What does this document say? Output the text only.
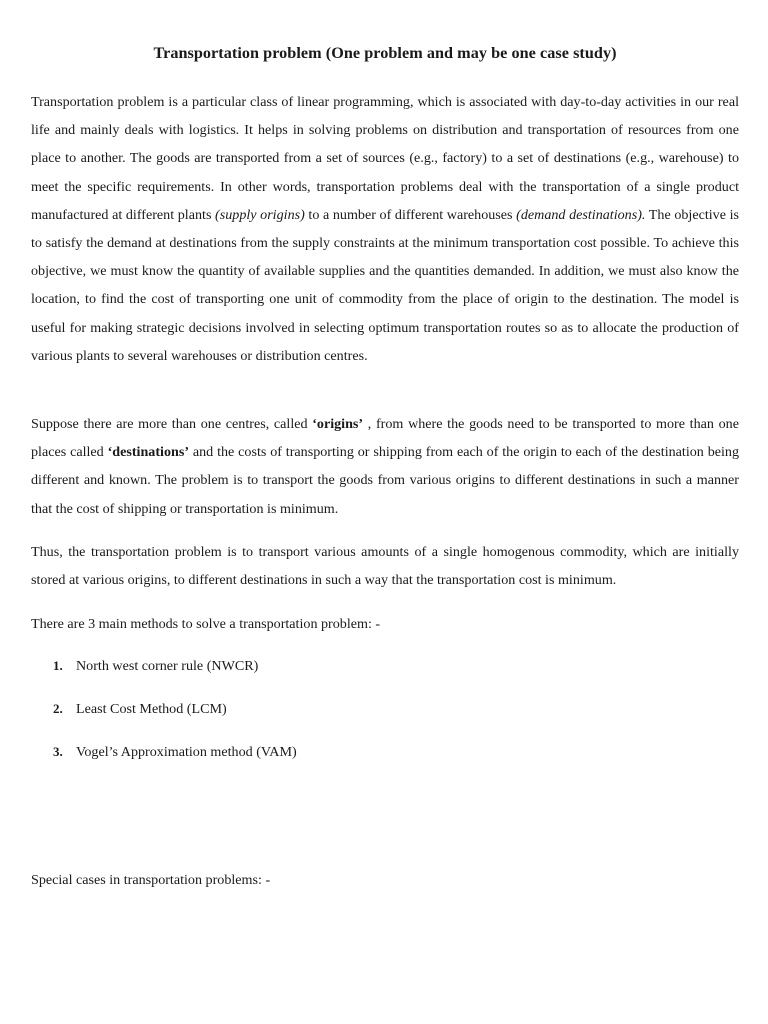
Transportation problem (One problem and may be one case study)

Transportation problem is a particular class of linear programming, which is associated with day-to-day activities in our real life and mainly deals with logistics. It helps in solving problems on distribution and transportation of resources from one place to another. The goods are transported from a set of sources (e.g., factory) to a set of destinations (e.g., warehouse) to meet the specific requirements. In other words, transportation problems deal with the transportation of a single product manufactured at different plants (supply origins) to a number of different warehouses (demand destinations). The objective is to satisfy the demand at destinations from the supply constraints at the minimum transportation cost possible. To achieve this objective, we must know the quantity of available supplies and the quantities demanded. In addition, we must also know the location, to find the cost of transporting one unit of commodity from the place of origin to the destination. The model is useful for making strategic decisions involved in selecting optimum transportation routes so as to allocate the production of various plants to several warehouses or distribution centres.

Suppose there are more than one centres, called ‘origins’ , from where the goods need to be transported to more than one places called ‘destinations’ and the costs of transporting or shipping from each of the origin to each of the destination being different and known. The problem is to transport the goods from various origins to different destinations in such a manner that the cost of shipping or transportation is minimum.

Thus, the transportation problem is to transport various amounts of a single homogenous commodity, which are initially stored at various origins, to different destinations in such a way that the transportation cost is minimum.

There are 3 main methods to solve a transportation problem: -

1. North west corner rule (NWCR)
2. Least Cost Method (LCM)
3. Vogel’s Approximation method (VAM)

Special cases in transportation problems: -
